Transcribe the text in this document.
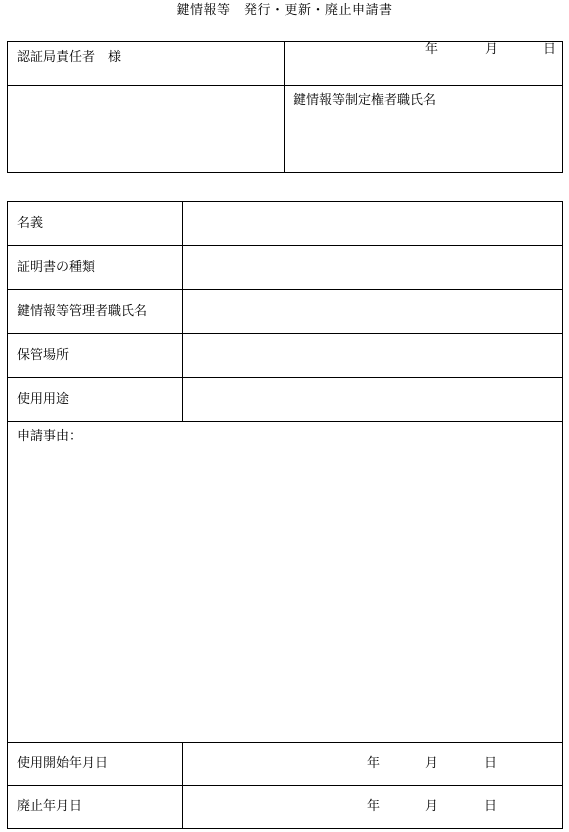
鍵情報等　発行・更新・廃止申請書
認証局責任者　様	年 月 日

	鍵情報等制定権者職氏名
名義	
証明書の種類	
鍵情報等管理者職氏名	
保管場所	
使用用途	

申請事由：	

使用開始年月日	年 月 日

廃止年月日	年 月 日
